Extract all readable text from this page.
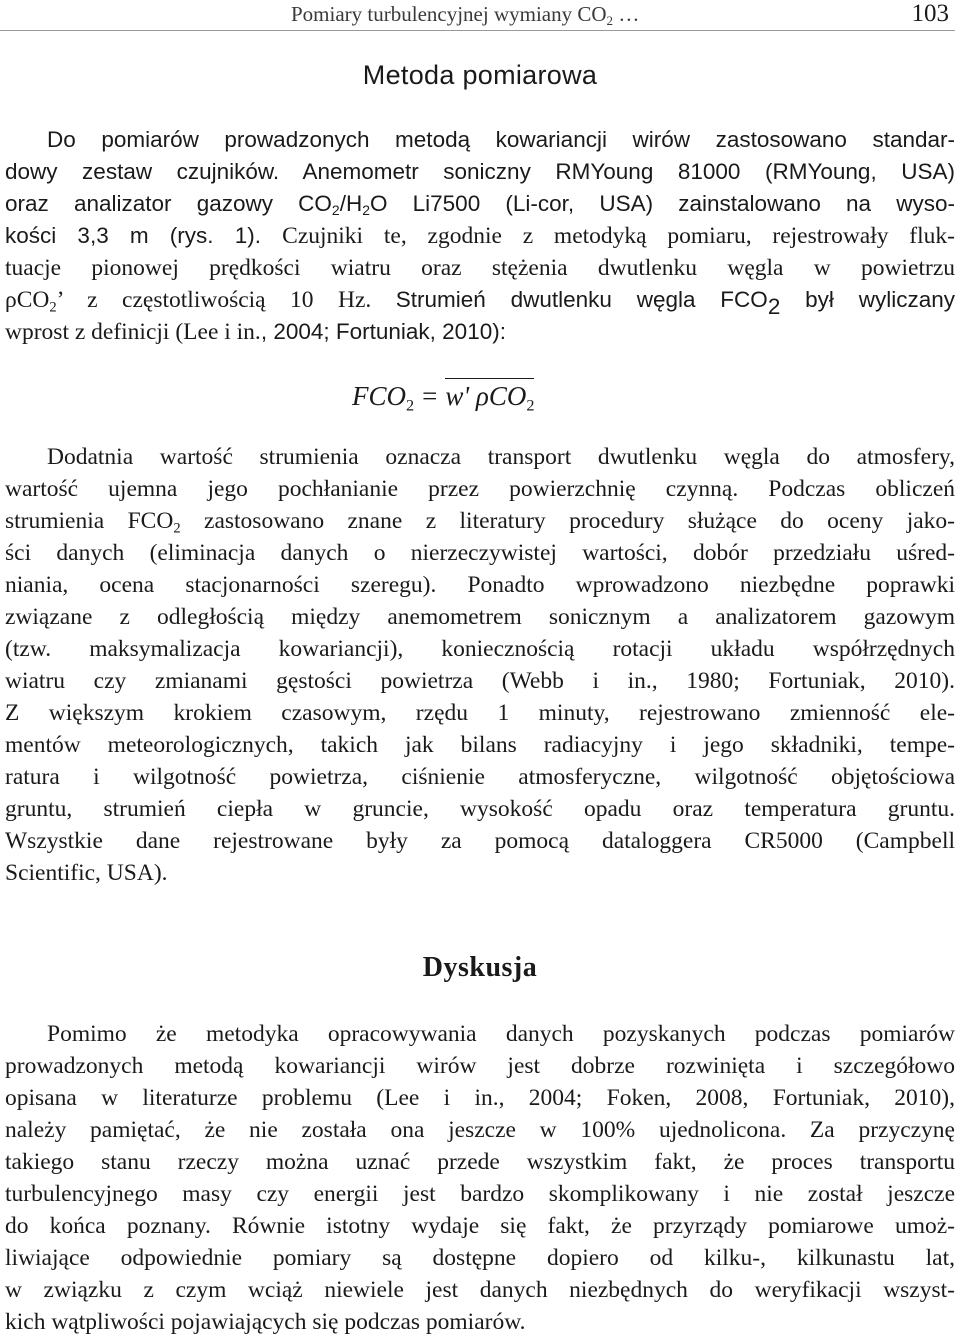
Pomiary turbulencyjnej wymiany $CO_2$ …	103
Metoda pomiarowa
Do pomiarów prowadzonych metodą kowariancji wirów zastosowano standar-
dowy zestaw czujników. Anemometr soniczny RMYoung 81000 (RMYoung, USA)
oraz analizator gazowy $CO_2/H_2O$ Li7500 (Li-cor, USA) zainstalowano na wyso-
kości 3,3 m (rys. 1). Czujniki te, zgodnie z metodyką pomiaru, rejestrowały fluk-
tuacje pionowej prędkości wiatru oraz stężenia dwutlenku węgla w powietrzu
ρCO$_2$’ z częstotliwością 10 Hz. Strumień dwutlenku węgla $FCO_2$ był wyliczany
wprost z definicji (Lee i in., 2004; Fortuniak, 2010):
$FCO_2 = w'$ ρCO$_2$
Dodatnia wartość strumienia oznacza transport dwutlenku węgla do atmosfery,
wartość ujemna jego pochłanianie przez powierzchnię czynną. Podczas obliczeń
strumienia $FCO_2$ zastosowano znane z literatury procedury służące do oceny jako-
ści danych (eliminacja danych o nierzeczywistej wartości, dobór przedziału uśred-
niania, ocena stacjonarności szeregu). Ponadto wprowadzono niezbędne poprawki
związane z odległością między anemometrem sonicznym a analizatorem gazowym
(tzw. maksymalizacja kowariancji), koniecznością rotacji układu współrzędnych
wiatru czy zmianami gęstości powietrza (Webb i in., 1980; Fortuniak, 2010).
Z większym krokiem czasowym, rzędu 1 minuty, rejestrowano zmienność ele-
mentów meteorologicznych, takich jak bilans radiacyjny i jego składniki, tempe-
ratura i wilgotność powietrza, ciśnienie atmosferyczne, wilgotność objętościowa
gruntu, strumień ciepła w gruncie, wysokość opadu oraz temperatura gruntu.
Wszystkie dane rejestrowane były za pomocą dataloggera CR5000 (Campbell
Scientific, USA).
Dyskusja
Pomimo że metodyka opracowywania danych pozyskanych podczas pomiarów
prowadzonych metodą kowariancji wirów jest dobrze rozwinięta i szczegółowo
opisana w literaturze problemu (Lee i in., 2004; Foken, 2008, Fortuniak, 2010),
należy pamiętać, że nie została ona jeszcze w 100% ujednolicona. Za przyczynę
takiego stanu rzeczy można uznać przede wszystkim fakt, że proces transportu
turbulencyjnego masy czy energii jest bardzo skomplikowany i nie został jeszcze
do końca poznany. Równie istotny wydaje się fakt, że przyrządy pomiarowe umoż-
liwiające odpowiednie pomiary są dostępne dopiero od kilku-, kilkunastu lat,
w związku z czym wciąż niewiele jest danych niezbędnych do weryfikacji wszyst-
kich wątpliwości pojawiających się podczas pomiarów.
